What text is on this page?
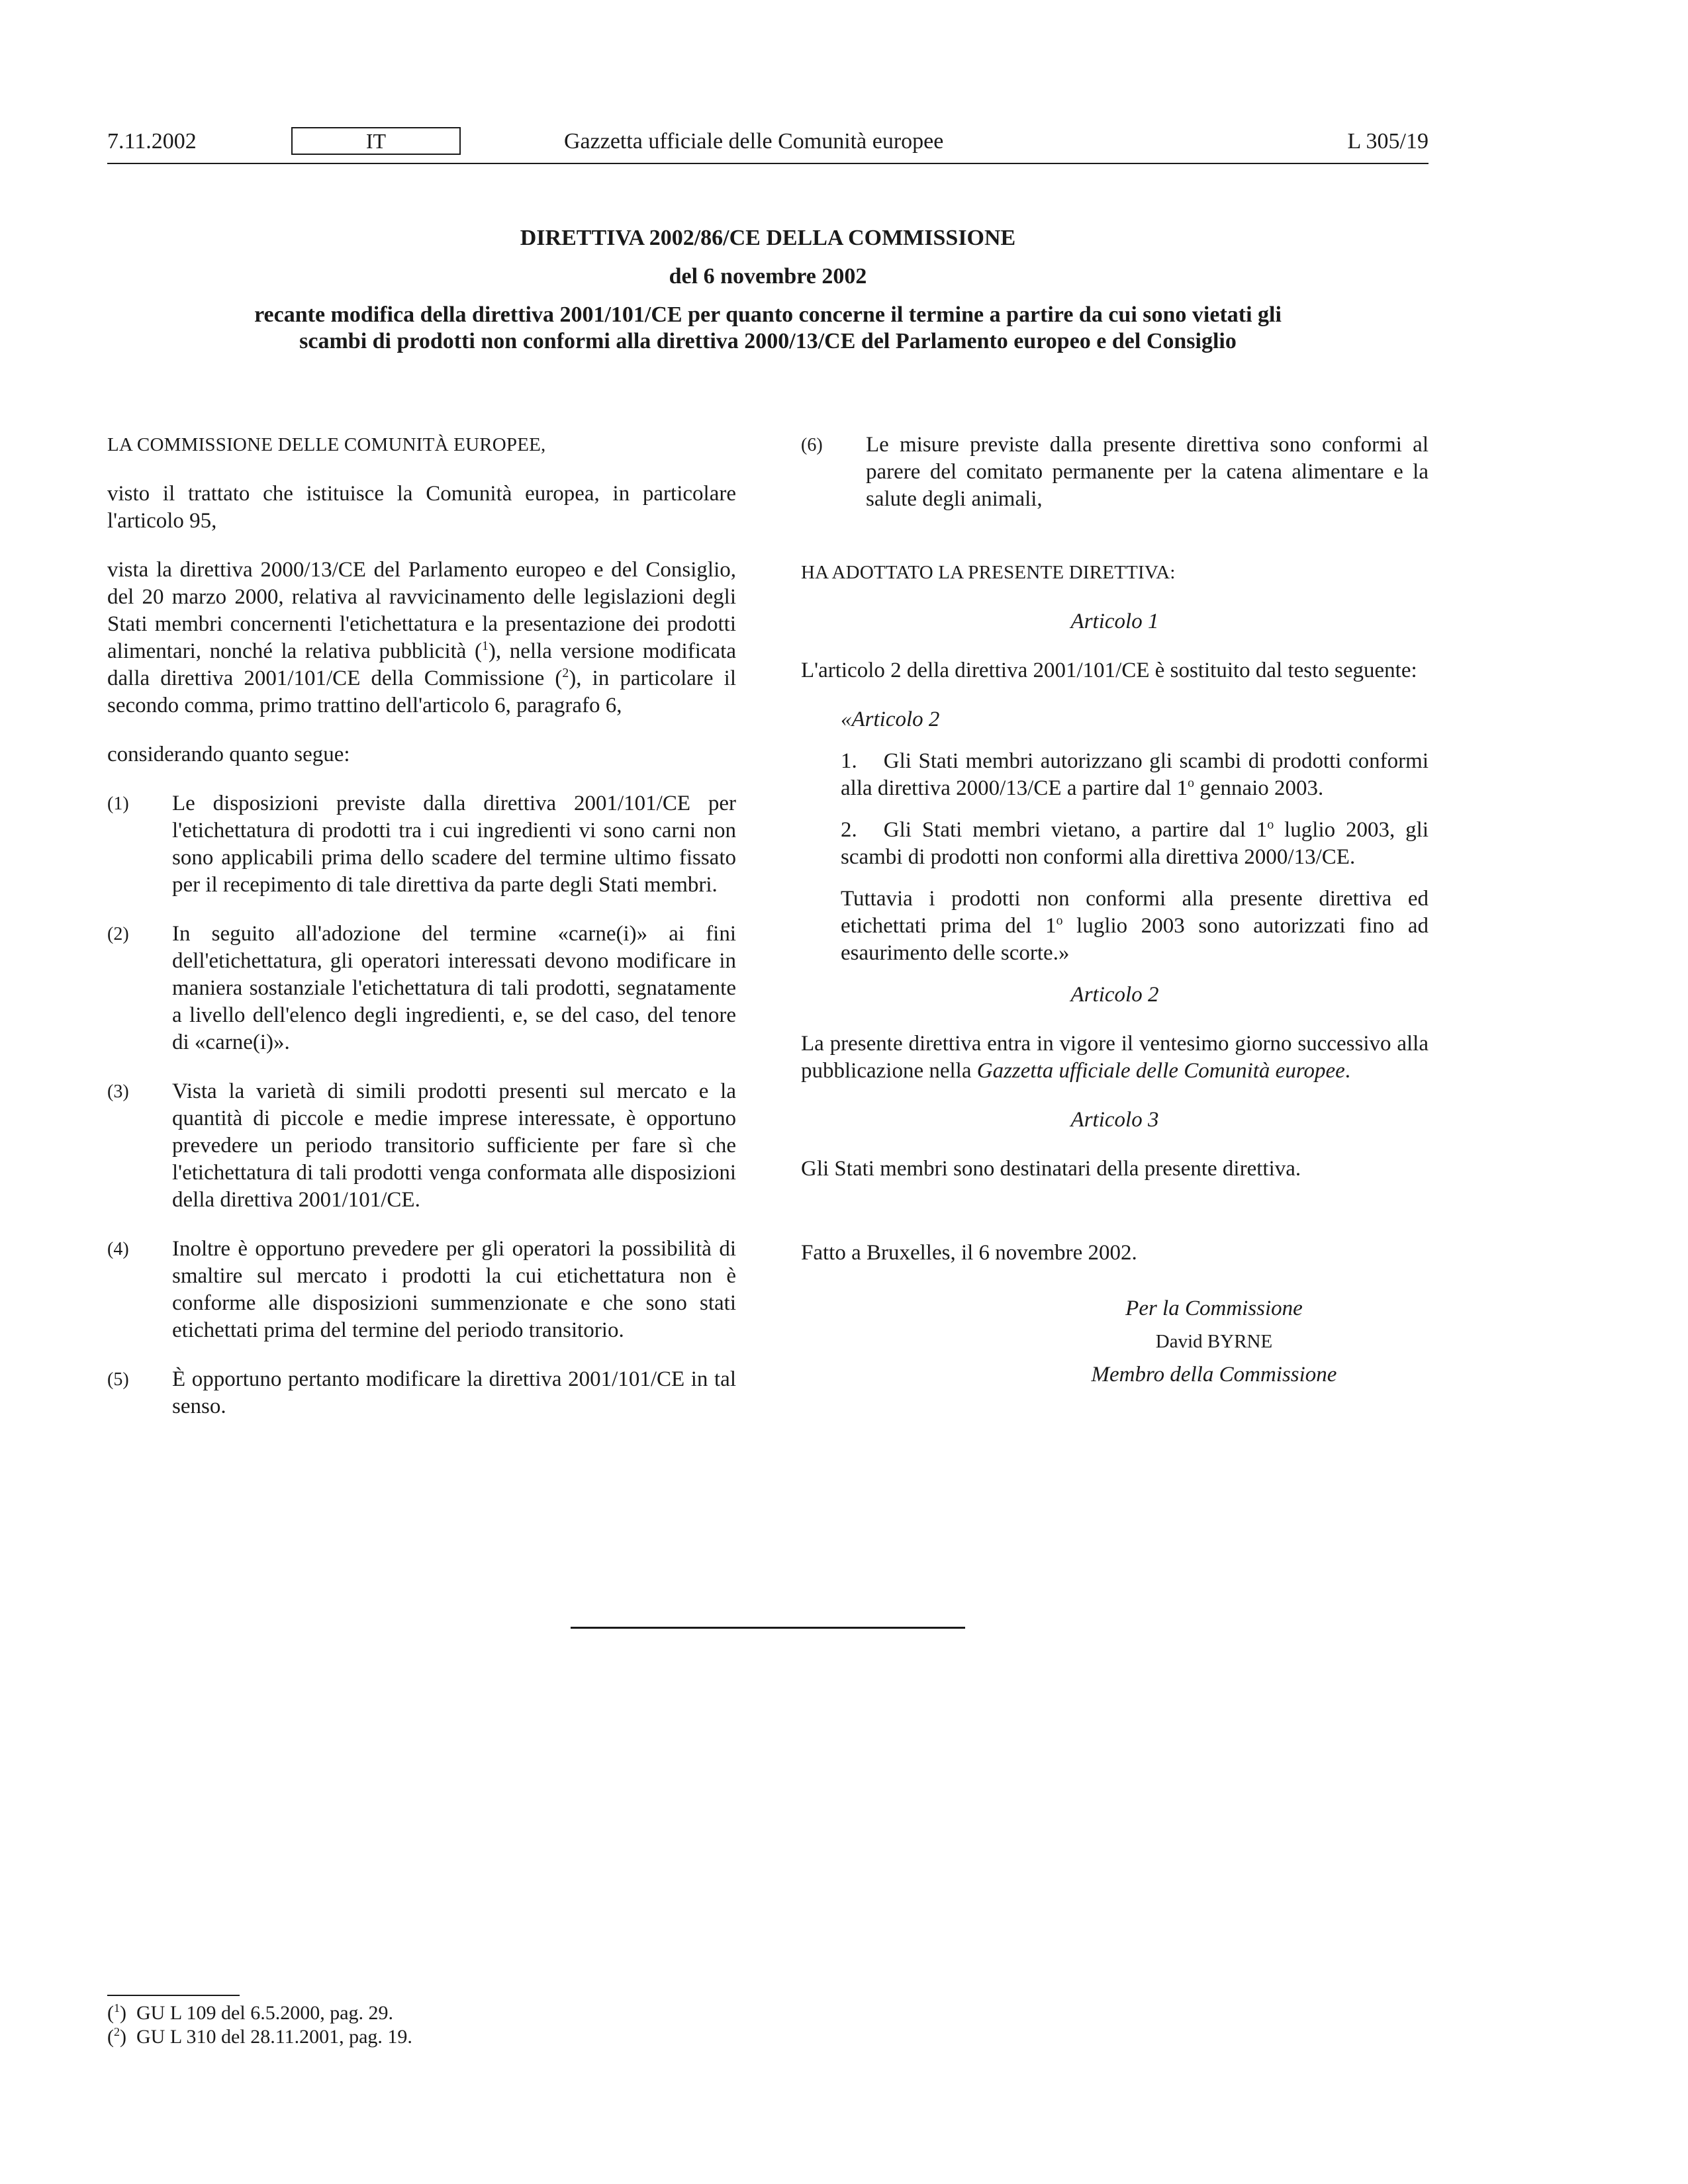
7.11.2002	IT	Gazzetta ufficiale delle Comunità europee	L 305/19

DIRETTIVA 2002/86/CE DELLA COMMISSIONE

del 6 novembre 2002

recante modifica della direttiva 2001/101/CE per quanto concerne il termine a partire da cui sono vietati gli scambi di prodotti non conformi alla direttiva 2000/13/CE del Parlamento europeo e del Consiglio

LA COMMISSIONE DELLE COMUNITÀ EUROPEE,

visto il trattato che istituisce la Comunità europea, in particolare l'articolo 95,

vista la direttiva 2000/13/CE del Parlamento europeo e del Consiglio, del 20 marzo 2000, relativa al ravvicinamento delle legislazioni degli Stati membri concernenti l'etichettatura e la presentazione dei prodotti alimentari, nonché la relativa pubblicità ($^1$), nella versione modificata dalla direttiva 2001/101/CE della Commissione ($^2$), in particolare il secondo comma, primo trattino dell'articolo 6, paragrafo 6,

considerando quanto segue:

(1) Le disposizioni previste dalla direttiva 2001/101/CE per l'etichettatura di prodotti tra i cui ingredienti vi sono carni non sono applicabili prima dello scadere del termine ultimo fissato per il recepimento di tale direttiva da parte degli Stati membri.
(2) In seguito all'adozione del termine «carne(i)» ai fini dell'etichettatura, gli operatori interessati devono modificare in maniera sostanziale l'etichettatura di tali prodotti, segnatamente a livello dell'elenco degli ingredienti, e, se del caso, del tenore di «carne(i)».
(3) Vista la varietà di simili prodotti presenti sul mercato e la quantità di piccole e medie imprese interessate, è opportuno prevedere un periodo transitorio sufficiente per fare sì che l'etichettatura di tali prodotti venga conformata alle disposizioni della direttiva 2001/101/CE.
(4) Inoltre è opportuno prevedere per gli operatori la possibilità di smaltire sul mercato i prodotti la cui etichettatura non è conforme alle disposizioni summenzionate e che sono stati etichettati prima del termine del periodo transitorio.
(5) È opportuno pertanto modificare la direttiva 2001/101/CE in tal senso.
(6) Le misure previste dalla presente direttiva sono conformi al parere del comitato permanente per la catena alimentare e la salute degli animali,

HA ADOTTATO LA PRESENTE DIRETTIVA:

Articolo 1

L'articolo 2 della direttiva 2001/101/CE è sostituito dal testo seguente:

«Articolo 2

1. Gli Stati membri autorizzano gli scambi di prodotti conformi alla direttiva 2000/13/CE a partire dal 1$^o$ gennaio 2003.

2. Gli Stati membri vietano, a partire dal 1$^o$ luglio 2003, gli scambi di prodotti non conformi alla direttiva 2000/13/CE.

Tuttavia i prodotti non conformi alla presente direttiva ed etichettati prima del 1$^o$ luglio 2003 sono autorizzati fino ad esaurimento delle scorte.»

Articolo 2

La presente direttiva entra in vigore il ventesimo giorno successivo alla pubblicazione nella Gazzetta ufficiale delle Comunità europee.

Articolo 3

Gli Stati membri sono destinatari della presente direttiva.

Fatto a Bruxelles, il 6 novembre 2002.

Per la Commissione
David BYRNE
Membro della Commissione

($^1$)  GU L 109 del 6.5.2000, pag. 29.

($^2$)  GU L 310 del 28.11.2001, pag. 19.
